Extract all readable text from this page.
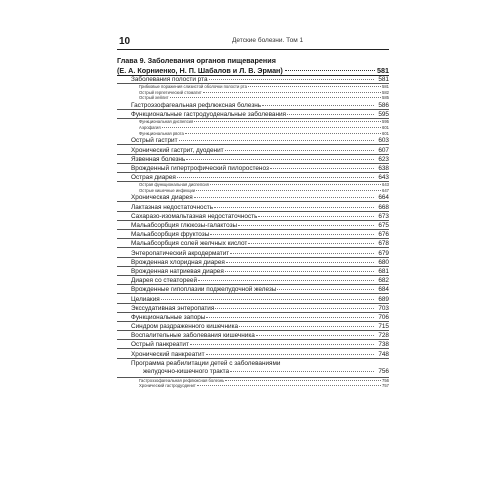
10	Детские болезни. Том 1
Глава 9. Заболевания органов пищеварения
(Е. А. Корниенко, Н. П. Шабалов и Л. В. Эрман)	581
Заболевания полости рта	581
Грибковые поражения слизистой оболочки полости рта	581
Острый герпетический стоматит	582
Острый хейлит	585
Гастроэзофагеальная рефлюксная болезнь	586
Функциональные гастродуоденальные заболевания	595
Функциональная диспепсия	595
Аэрофагия	601
Функциональная рвота	601
Острый гастрит	603
Хронический гастрит, дуоденит	607
Язвенная болезнь	623
Врожденный гипертрофический пилоростеноз	638
Острая диарея	643
Острая функциональная диспепсия	643
Острые кишечные инфекции	647
Хроническая диарея	664
Лактазная недостаточность	668
Сахаразо-изомальтазная недостаточность	673
Мальабсорбция глюкозы-галактозы	675
Мальабсорбция фруктозы	676
Мальабсорбция солей желчных кислот	678
Энтеропатический акродерматит	679
Врожденная хлоридная диарея	680
Врожденная натриевая диарея	681
Диарея со стеатореей	682
Врожденные гипоплазии поджелудочной железы	684
Целиакия	689
Экссудативная энтеропатия	703
Функциональные запоры	706
Синдром раздраженного кишечника	715
Воспалительные заболевания кишечника	728
Острый панкреатит	738
Хронический панкреатит	748
Программа реабилитации детей с заболеваниями
желудочно-кишечного тракта	756
Гастроэзофагеальная рефлюксная болезнь	756
Хронический гастродуоденит	757
